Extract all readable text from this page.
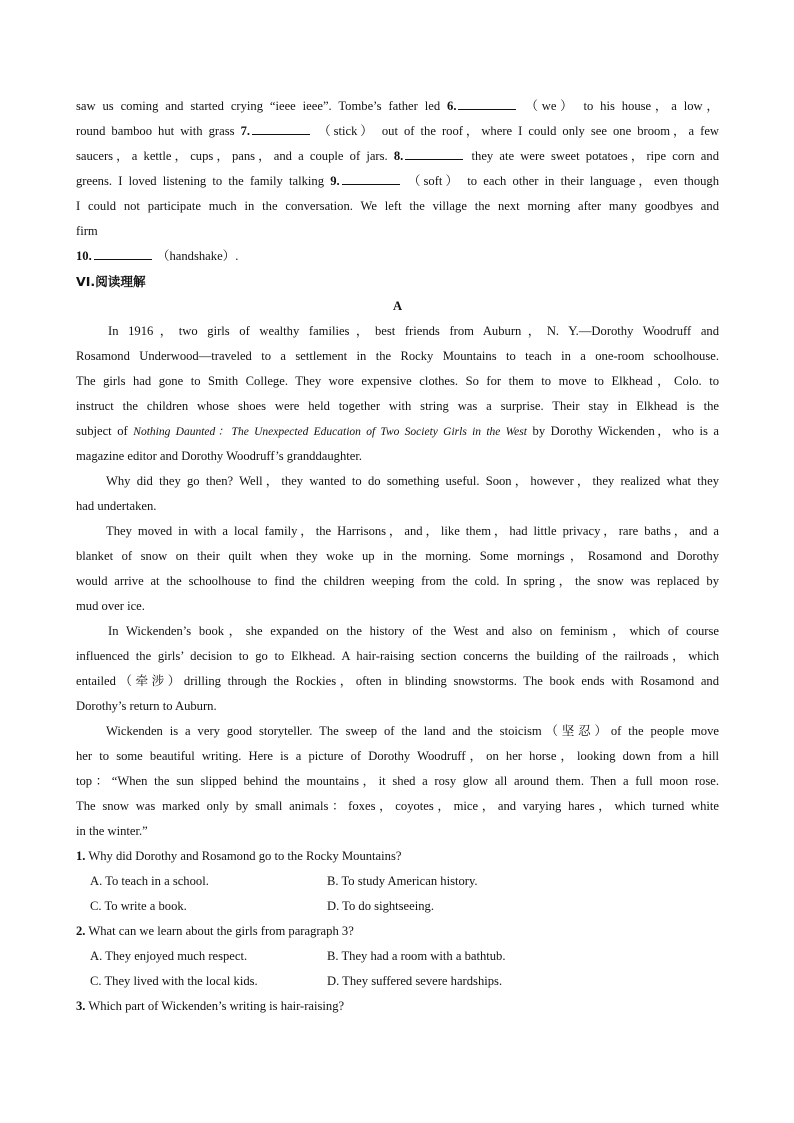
saw us coming and started crying “ieee ieee”. Tombe’s father led 6.	（we） to his house，a low，
round bamboo hut with grass 7.	（stick） out of the roof，where I could only see one broom，a few
saucers，a kettle，cups，pans，and a couple of jars. 8.	they ate were sweet potatoes，ripe corn and
greens. I loved listening to the family talking 9.	（soft） to each other in their language，even though
I could not participate much in the conversation. We left the village the next morning after many goodbyes and
firm
10.	（handshake）.
VI.阅读理解
A
In 1916，two girls of wealthy families，best friends from Auburn，N. Y.—Dorothy Woodruff and
Rosamond Underwood—traveled to a settlement in the Rocky Mountains to teach in a one-room schoolhouse.
The girls had gone to Smith College. They wore expensive clothes. So for them to move to Elkhead，Colo. to
instruct the children whose shoes were held together with string was a surprise. Their stay in Elkhead is the
subject of Nothing Daunted：The Unexpected Education of Two Society Girls in the West by Dorothy Wickenden，who is a
magazine editor and Dorothy Woodruff’s granddaughter.
Why did they go then? Well，they wanted to do something useful. Soon，however，they realized what they
had undertaken.
They moved in with a local family，the Harrisons，and，like them，had little privacy，rare baths，and a
blanket of snow on their quilt when they woke up in the morning. Some mornings，Rosamond and Dorothy
would arrive at the schoolhouse to find the children weeping from the cold. In spring，the snow was replaced by
mud over ice.
In Wickenden’s book，she expanded on the history of the West and also on feminism，which of course
influenced the girls’ decision to go to Elkhead. A hair-raising section concerns the building of the railroads，which
entailed（牵涉）drilling through the Rockies，often in blinding snowstorms. The book ends with Rosamond and
Dorothy’s return to Auburn.
Wickenden is a very good storyteller. The sweep of the land and the stoicism（坚忍）of the people move
her to some beautiful writing. Here is a picture of Dorothy Woodruff，on her horse，looking down from a hill
top：“When the sun slipped behind the mountains，it shed a rosy glow all around them. Then a full moon rose.
The snow was marked only by small animals：foxes，coyotes，mice，and varying hares，which turned white
in the winter.”
1. Why did Dorothy and Rosamond go to the Rocky Mountains?
A. To teach in a school.	B. To study American history.
C. To write a book.	D. To do sightseeing.
2. What can we learn about the girls from paragraph 3?
A. They enjoyed much respect.	B. They had a room with a bathtub.
C. They lived with the local kids.	D. They suffered severe hardships.
3. Which part of Wickenden’s writing is hair-raising?
